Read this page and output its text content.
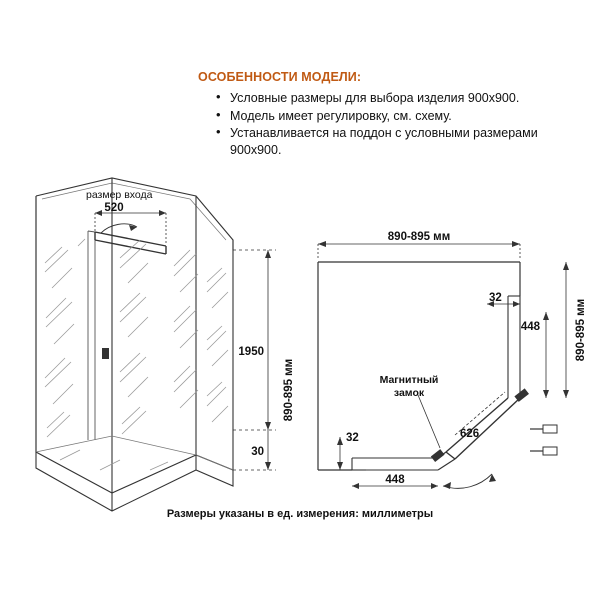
ОСОБЕННОСТИ МОДЕЛИ:
• Условные размеры для выбора изделия 900х900.
• Модель имеет регулировку, см. схему.
• Устанавливается на поддон с условными размерами 900х900.
размер входа
520
1950
30
890-895 мм
890-895 мм
890-895 мм
32
448
448
32	626
Магнитный
замок
Размеры указаны в ед. измерения: миллиметры
